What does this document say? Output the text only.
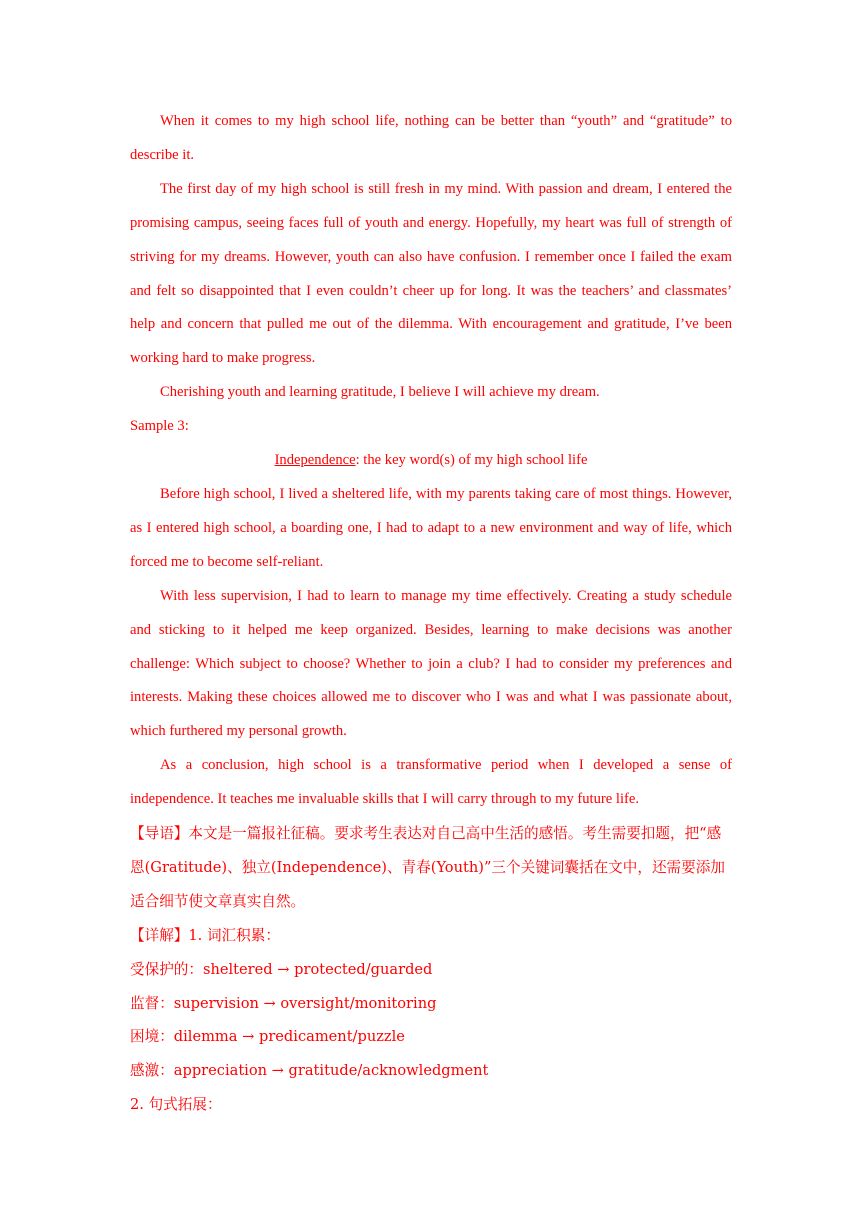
When it comes to my high school life, nothing can be better than “youth” and “gratitude” to describe it.

The first day of my high school is still fresh in my mind. With passion and dream, I entered the promising campus, seeing faces full of youth and energy. Hopefully, my heart was full of strength of striving for my dreams. However, youth can also have confusion. I remember once I failed the exam and felt so disappointed that I even couldn’t cheer up for long. It was the teachers’ and classmates’ help and concern that pulled me out of the dilemma. With encouragement and gratitude, I’ve been working hard to make progress.

Cherishing youth and learning gratitude, I believe I will achieve my dream.

Sample 3:

Independence: the key word(s) of my high school life

Before high school, I lived a sheltered life, with my parents taking care of most things. However, as I entered high school, a boarding one, I had to adapt to a new environment and way of life, which forced me to become self-reliant.

With less supervision, I had to learn to manage my time effectively. Creating a study schedule and sticking to it helped me keep organized. Besides, learning to make decisions was another challenge: Which subject to choose? Whether to join a club? I had to consider my preferences and interests. Making these choices allowed me to discover who I was and what I was passionate about, which furthered my personal growth.

As a conclusion, high school is a transformative period when I developed a sense of independence. It teaches me invaluable skills that I will carry through to my future life.

【导语】本文是一篇报社征稿。要求考生表达对自己高中生活的感悟。考生需要扣题，把“感恩(Gratitude)、独立(Independence)、青春(Youth)”三个关键词囊括在文中，还需要添加适合细节使文章真实自然。

【详解】1. 词汇积累：

受保护的：sheltered → protected/guarded

监督：supervision → oversight/monitoring

困境：dilemma → predicament/puzzle

感激：appreciation → gratitude/acknowledgment

2. 句式拓展：
